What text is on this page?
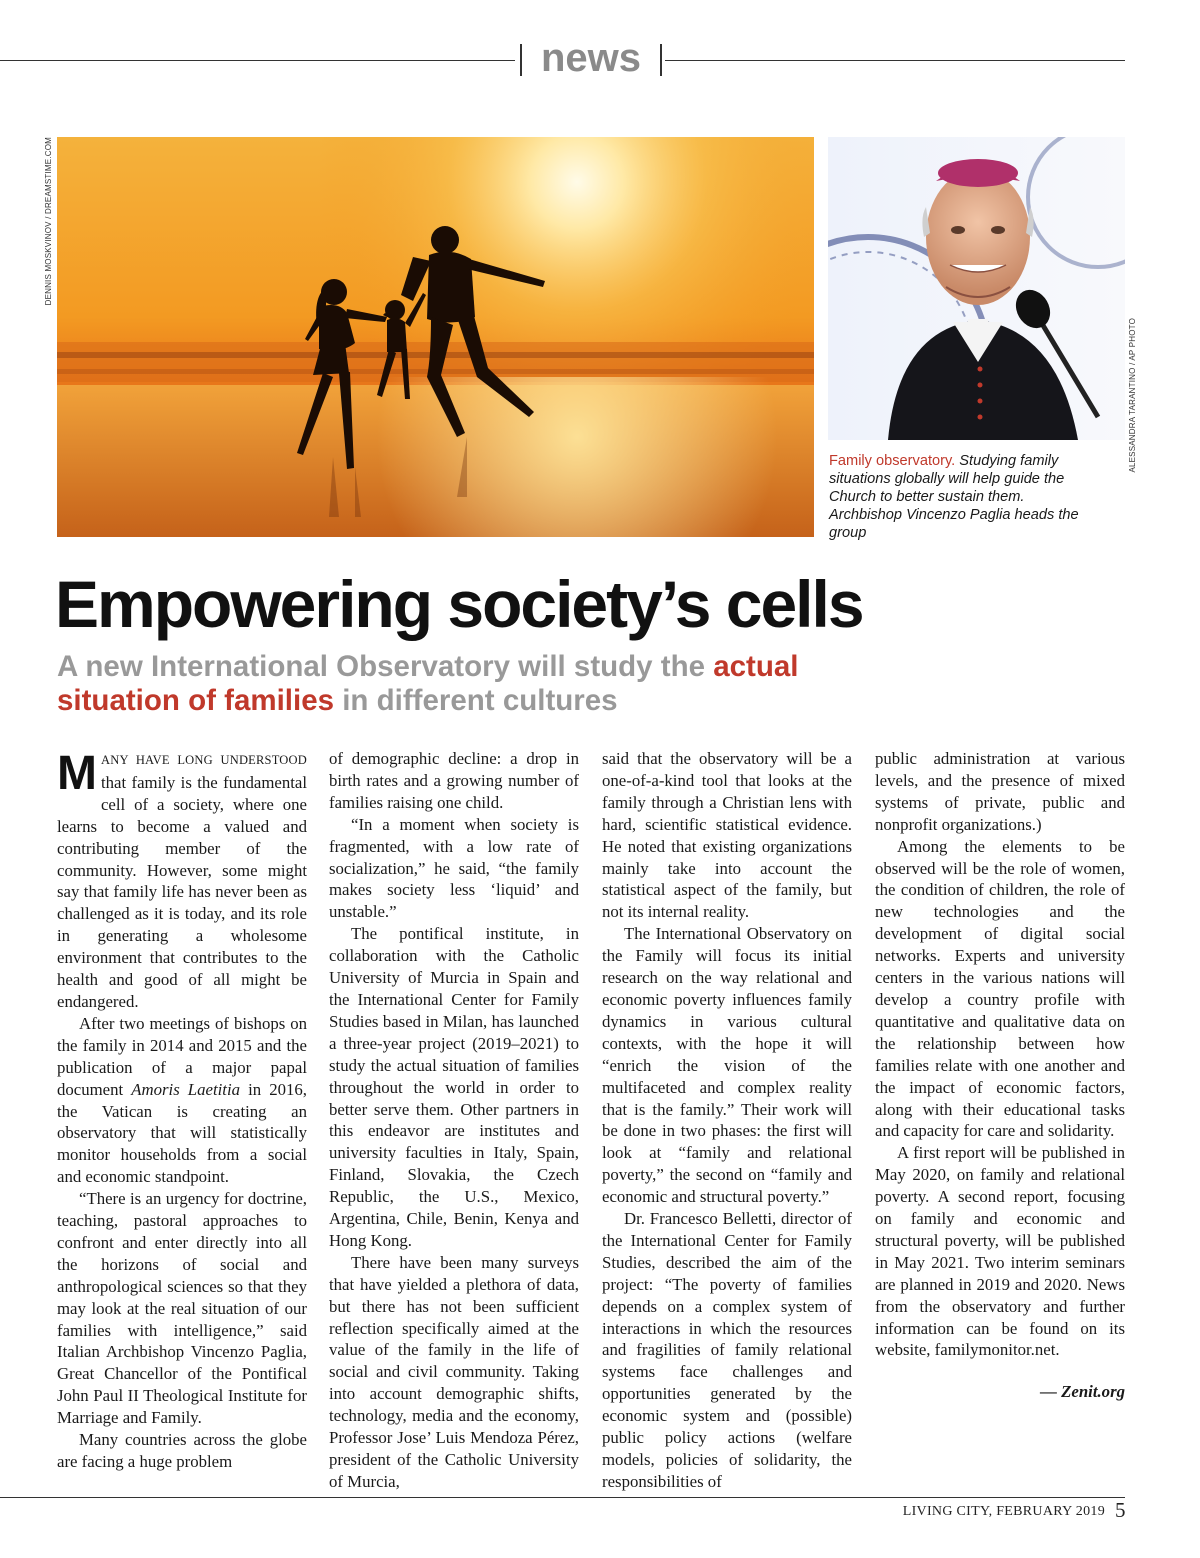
news
DENNIS MOSKVINOV / DREAMSTIME.COM
ALESSANDRA TARANTINO / AP PHOTO
Family observatory. Studying family situations globally will help guide the Church to better sustain them. Archbishop Vincenzo Paglia heads the group
Empowering society’s cells
A new International Observatory will study the actual situation of families in different cultures

MANY HAVE LONG UNDERSTOOD that family is the fundamental cell of a society, where one learns to become a valued and contributing member of the community. However, some might say that family life has never been as challenged as it is today, and its role in generating a wholesome environment that contributes to the health and good of all might be endangered.

After two meetings of bishops on the family in 2014 and 2015 and the publication of a major papal document Amoris Laetitia in 2016, the Vatican is creating an observatory that will statistically monitor households from a social and economic standpoint.

“There is an urgency for doctrine, teaching, pastoral approaches to confront and enter directly into all the horizons of social and anthropological sciences so that they may look at the real situation of our families with intelligence,” said Italian Archbishop Vincenzo Paglia, Great Chancellor of the Pontifical John Paul II Theological Institute for Marriage and Family.

Many countries across the globe are facing a huge problem

of demographic decline: a drop in birth rates and a growing number of families raising one child.

“In a moment when society is fragmented, with a low rate of socialization,” he said, “the family makes society less ‘liquid’ and unstable.”

The pontifical institute, in collaboration with the Catholic University of Murcia in Spain and the International Center for Family Studies based in Milan, has launched a three-year project (2019–2021) to study the actual situation of families throughout the world in order to better serve them. Other partners in this endeavor are institutes and university faculties in Italy, Spain, Finland, Slovakia, the Czech Republic, the U.S., Mexico, Argentina, Chile, Benin, Kenya and Hong Kong.

There have been many surveys that have yielded a plethora of data, but there has not been sufficient reflection specifically aimed at the value of the family in the life of social and civil community. Taking into account demographic shifts, technology, media and the economy, Professor Jose’ Luis Mendoza Pérez, president of the Catholic University of Murcia,

said that the observatory will be a one-of-a-kind tool that looks at the family through a Christian lens with hard, scientific statistical evidence. He noted that existing organizations mainly take into account the statistical aspect of the family, but not its internal reality.

The International Observatory on the Family will focus its initial research on the way relational and economic poverty influences family dynamics in various cultural contexts, with the hope it will “enrich the vision of the multifaceted and complex reality that is the family.” Their work will be done in two phases: the first will look at “family and relational poverty,” the second on “family and economic and structural poverty.”

Dr. Francesco Belletti, director of the International Center for Family Studies, described the aim of the project: “The poverty of families depends on a complex system of interactions in which the resources and fragilities of family relational systems face challenges and opportunities generated by the economic system and (possible) public policy actions (welfare models, policies of solidarity, the responsibilities of

public administration at various levels, and the presence of mixed systems of private, public and nonprofit organizations.)

Among the elements to be observed will be the role of women, the condition of children, the role of new technologies and the development of digital social networks. Experts and university centers in the various nations will develop a country profile with quantitative and qualitative data on the relationship between how families relate with one another and the impact of economic factors, along with their educational tasks and capacity for care and solidarity.

A first report will be published in May 2020, on family and relational poverty. A second report, focusing on family and economic and structural poverty, will be published in May 2021. Two interim seminars are planned in 2019 and 2020. News from the observatory and further information can be found on its website, familymonitor.net.

— Zenit.org

LIVING CITY, FEBRUARY 2019 5
